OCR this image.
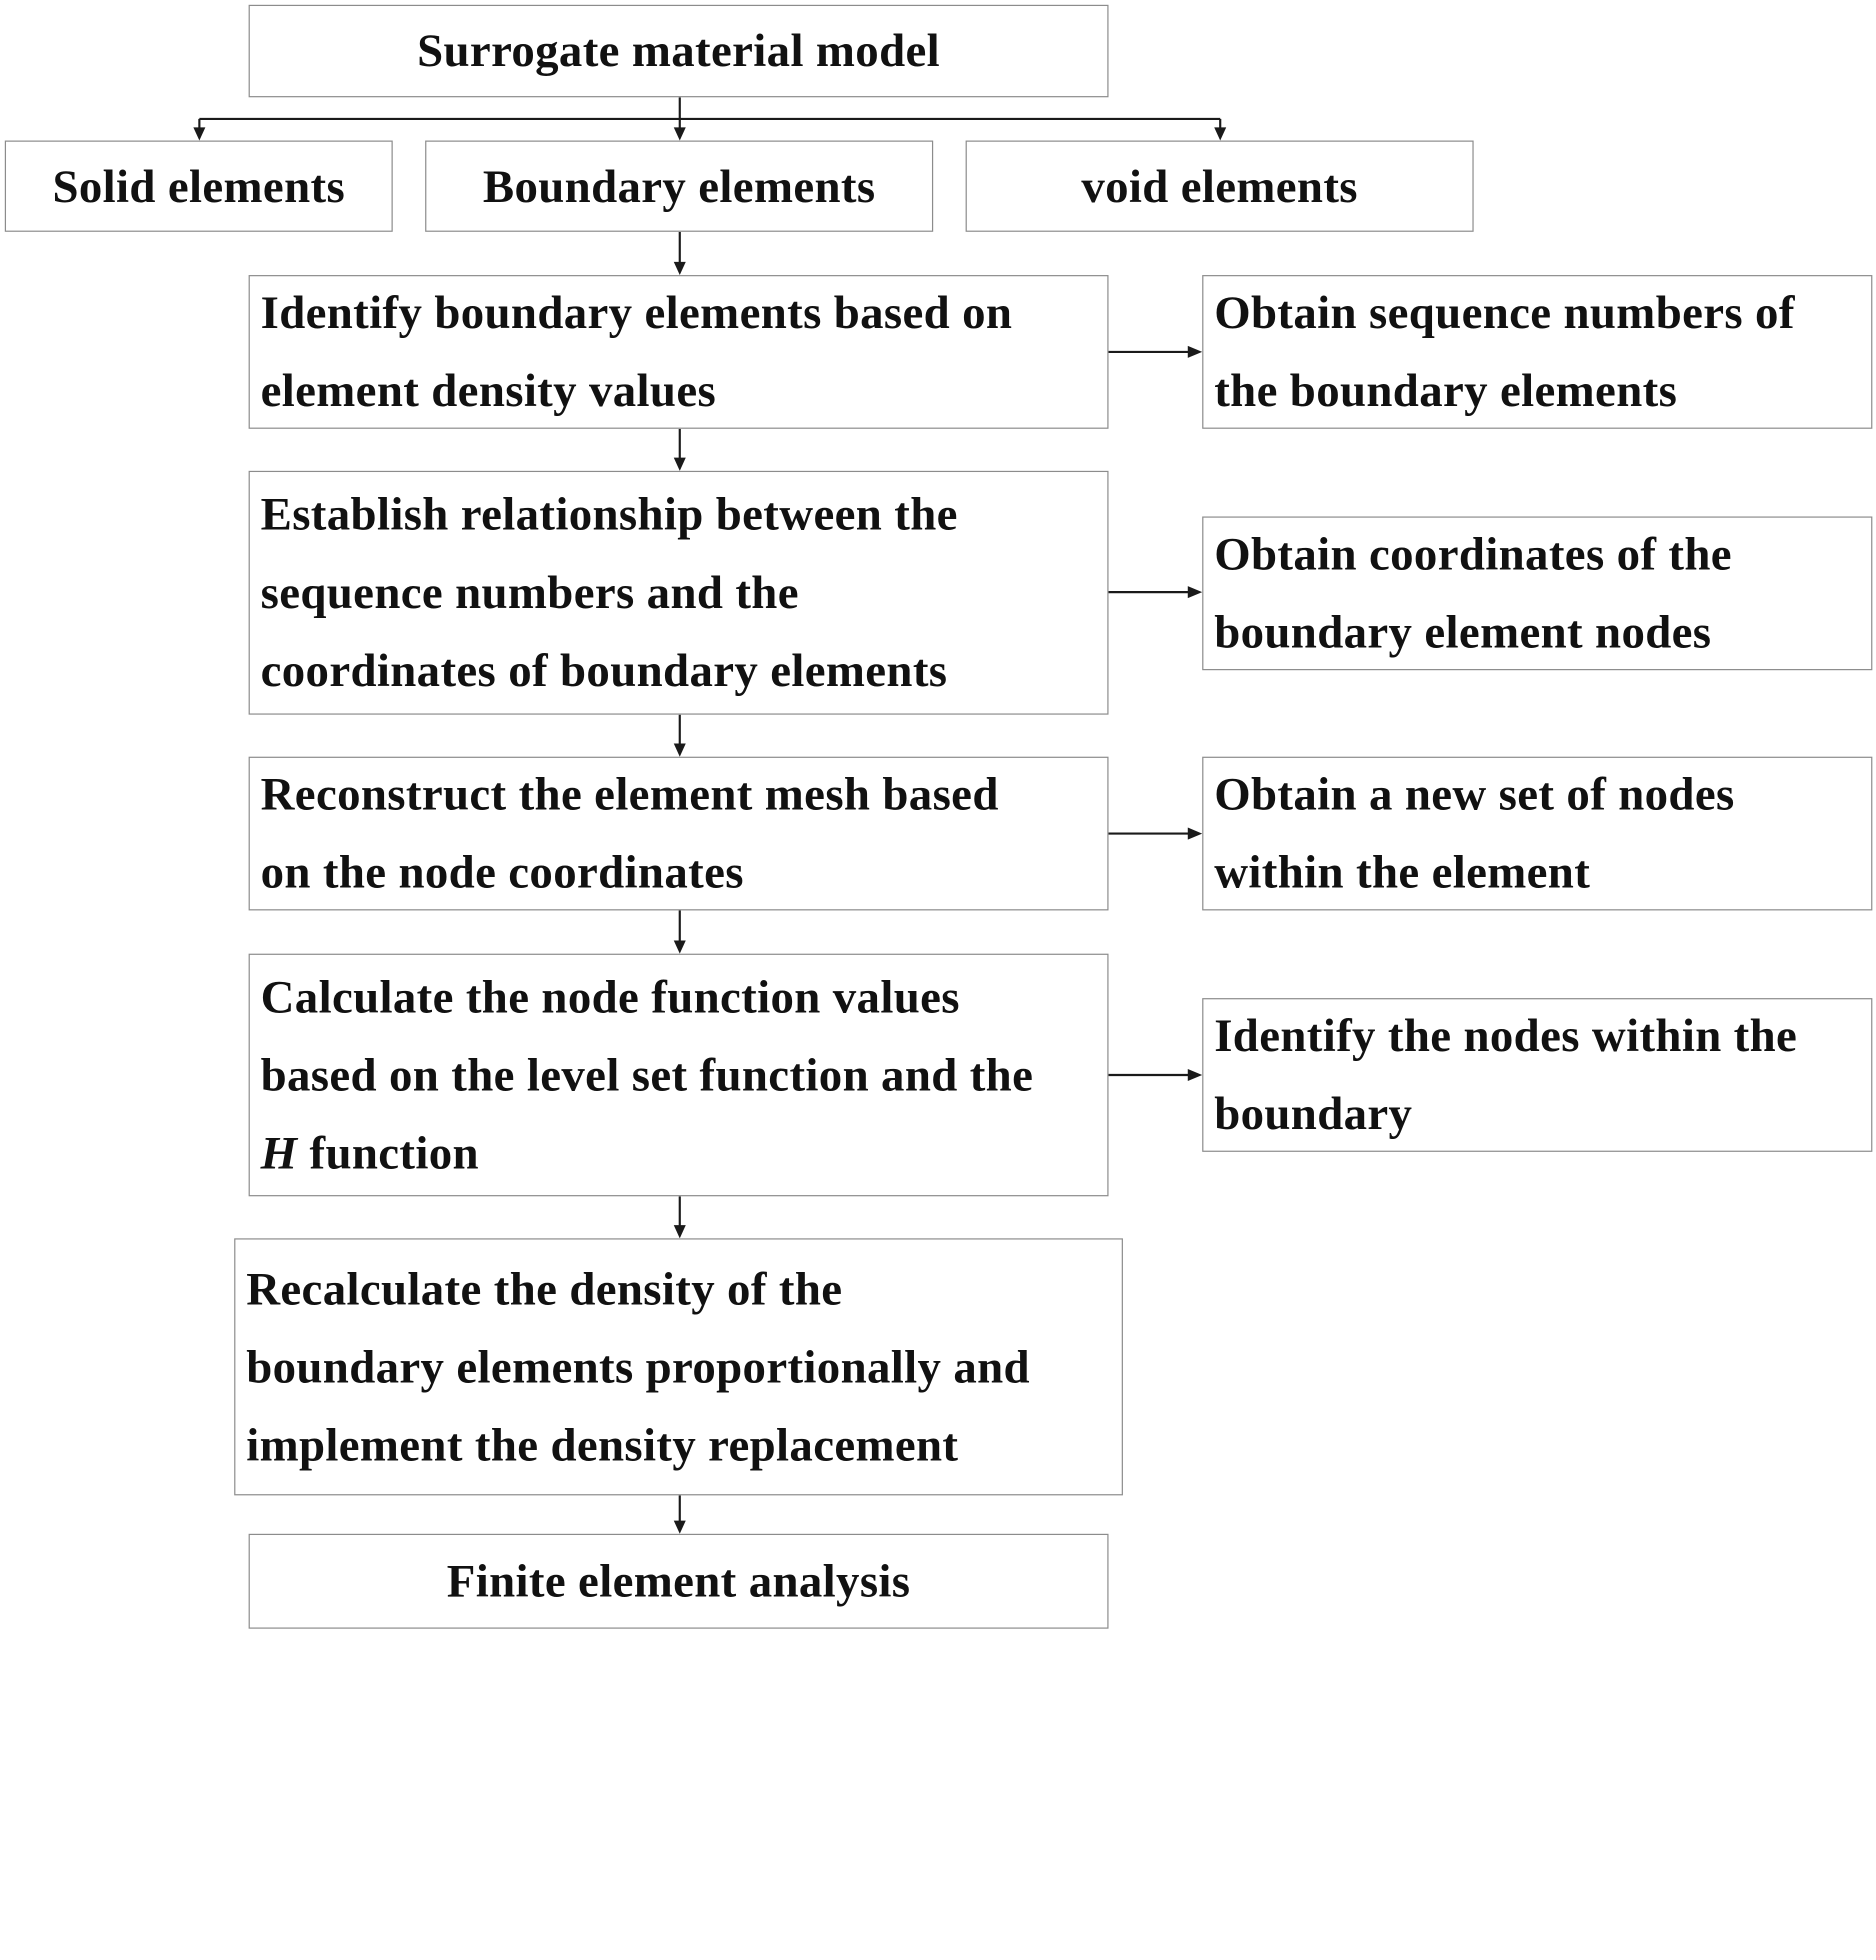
Surrogate material model
Solid elements	Boundary elements	void elements
Identify boundary elements based on
element density values
Obtain sequence numbers of
the boundary elements
Establish relationship between the
sequence numbers and the
coordinates of boundary elements
Obtain coordinates of the
boundary element nodes
Reconstruct the element mesh based
on the node coordinates
Obtain a new set of nodes
within the element
Calculate the node function values
based on the level set function and the
H function
Identify the nodes within the
boundary
Recalculate the density of the
boundary elements proportionally and
implement the density replacement
Finite element analysis
